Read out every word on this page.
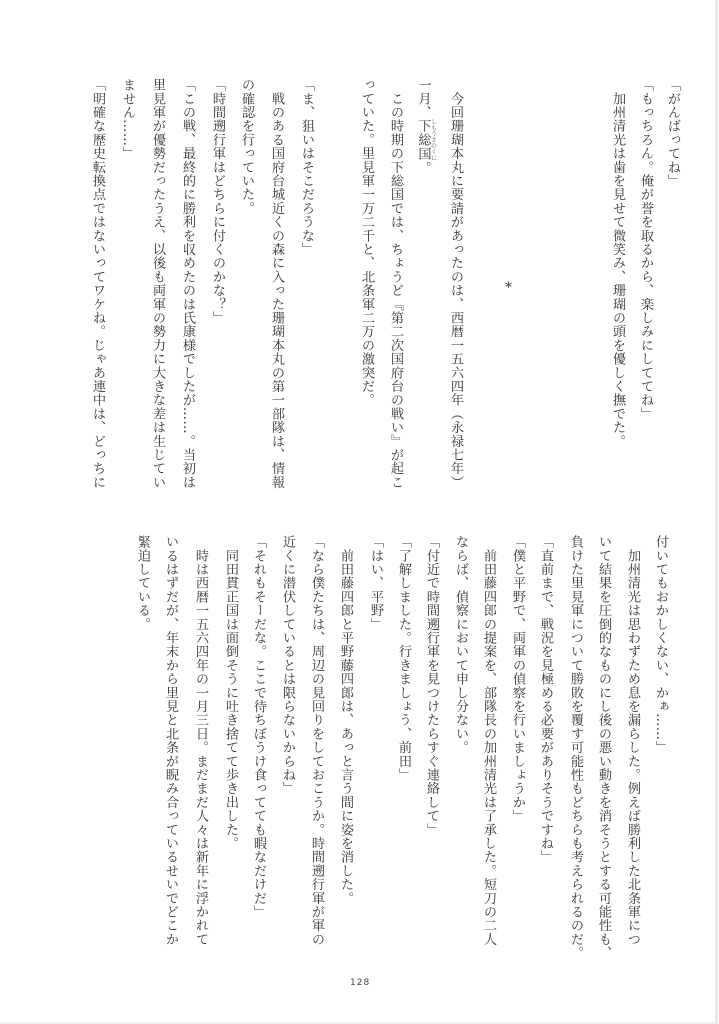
「がんばってね」
「もっちろん。俺が誉を取るから、楽しみにしててね」
　加州清光は歯を見せて微笑み、珊瑚の頭を優しく撫でた。
*
　今回珊瑚本丸に要請があったのは、西暦一五六四年（永禄七年）
一月、下総国 しもうさのくに。
　この時期の下総国では、ちょうど『第二次国府台の戦い』が起こ
っていた。里見軍一万二千と、北条軍二万の激突だ。
「ま、狙いはそこだろうな」
　戦のある国府台城近くの森に入った珊瑚本丸の第一部隊は、情報
の確認を行っていた。
「時間遡行軍はどちらに付くのかな？」
「この戦、最終的に勝利を収めたのは氏康様でしたが……。当初は
里見軍が優勢だったうえ、以後も両軍の勢力に大きな差は生じてい
ません……」
「明確な歴史転換点ではないってワケね。じゃあ連中は、どっちに
付いてもおかしくない、かぁ……」
　加州清光は思わずため息を漏らした。例えば勝利した北条軍につ
いて結果を圧倒的なものにし後の悪い動きを消そうとする可能性も、
負けた里見軍について勝敗を覆す可能性もどちらも考えられるのだ。
「直前まで、戦況を見極める必要がありそうですね」
「僕と平野で、両軍の偵察を行いましょうか」
　前田藤四郎の提案を、部隊長の加州清光は了承した。短刀の二人
ならば、偵察において申し分ない。
「付近で時間遡行軍を見つけたらすぐ連絡して」
「了解しました。行きましょう、前田」
「はい、平野」
　前田藤四郎と平野藤四郎は、あっと言う間に姿を消した。
「なら僕たちは、周辺の見回りをしておこうか。時間遡行軍が軍の
近くに潜伏しているとは限らないからね」
「それもそーだな。ここで待ちぼうけ食ってても暇なだけだ」
　同田貫正国は面倒そうに吐き捨てて歩き出した。
　時は西暦一五六四年の一月三日。まだまだ人々は新年に浮かれて
いるはずだが、年末から里見と北条が睨み合っているせいでどこか
緊迫している。
128
